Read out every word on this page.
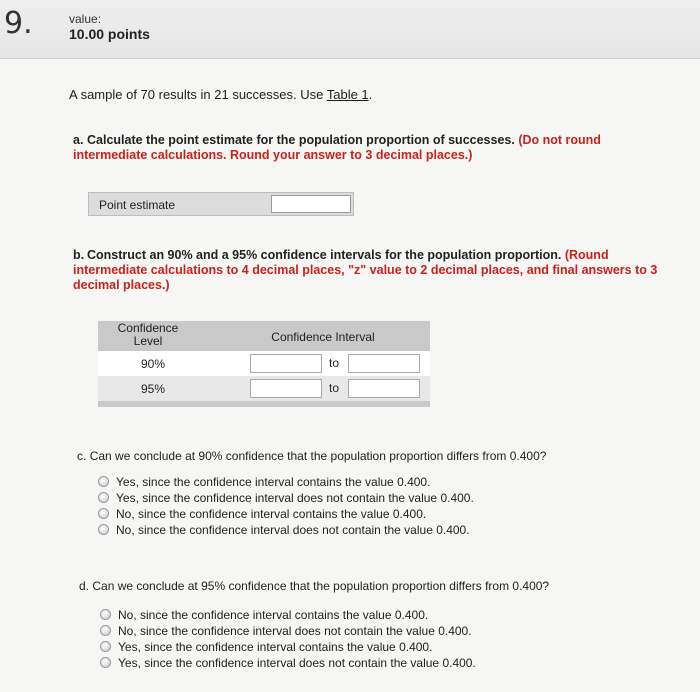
9.	value:
10.00 points
A sample of 70 results in 21 successes. Use Table 1.
a. Calculate the point estimate for the population proportion of successes. (Do not round intermediate calculations. Round your answer to 3 decimal places.)
Point estimate
b. Construct an 90% and a 95% confidence intervals for the population proportion. (Round intermediate calculations to 4 decimal places, "z" value to 2 decimal places, and final answers to 3 decimal places.)
Confidence
Level	Confidence Interval
90%	to
95%	to
c. Can we conclude at 90% confidence that the population proportion differs from 0.400?
Yes, since the confidence interval contains the value 0.400.
Yes, since the confidence interval does not contain the value 0.400.
No, since the confidence interval contains the value 0.400.
No, since the confidence interval does not contain the value 0.400.
d. Can we conclude at 95% confidence that the population proportion differs from 0.400?
No, since the confidence interval contains the value 0.400.
No, since the confidence interval does not contain the value 0.400.
Yes, since the confidence interval contains the value 0.400.
Yes, since the confidence interval does not contain the value 0.400.
